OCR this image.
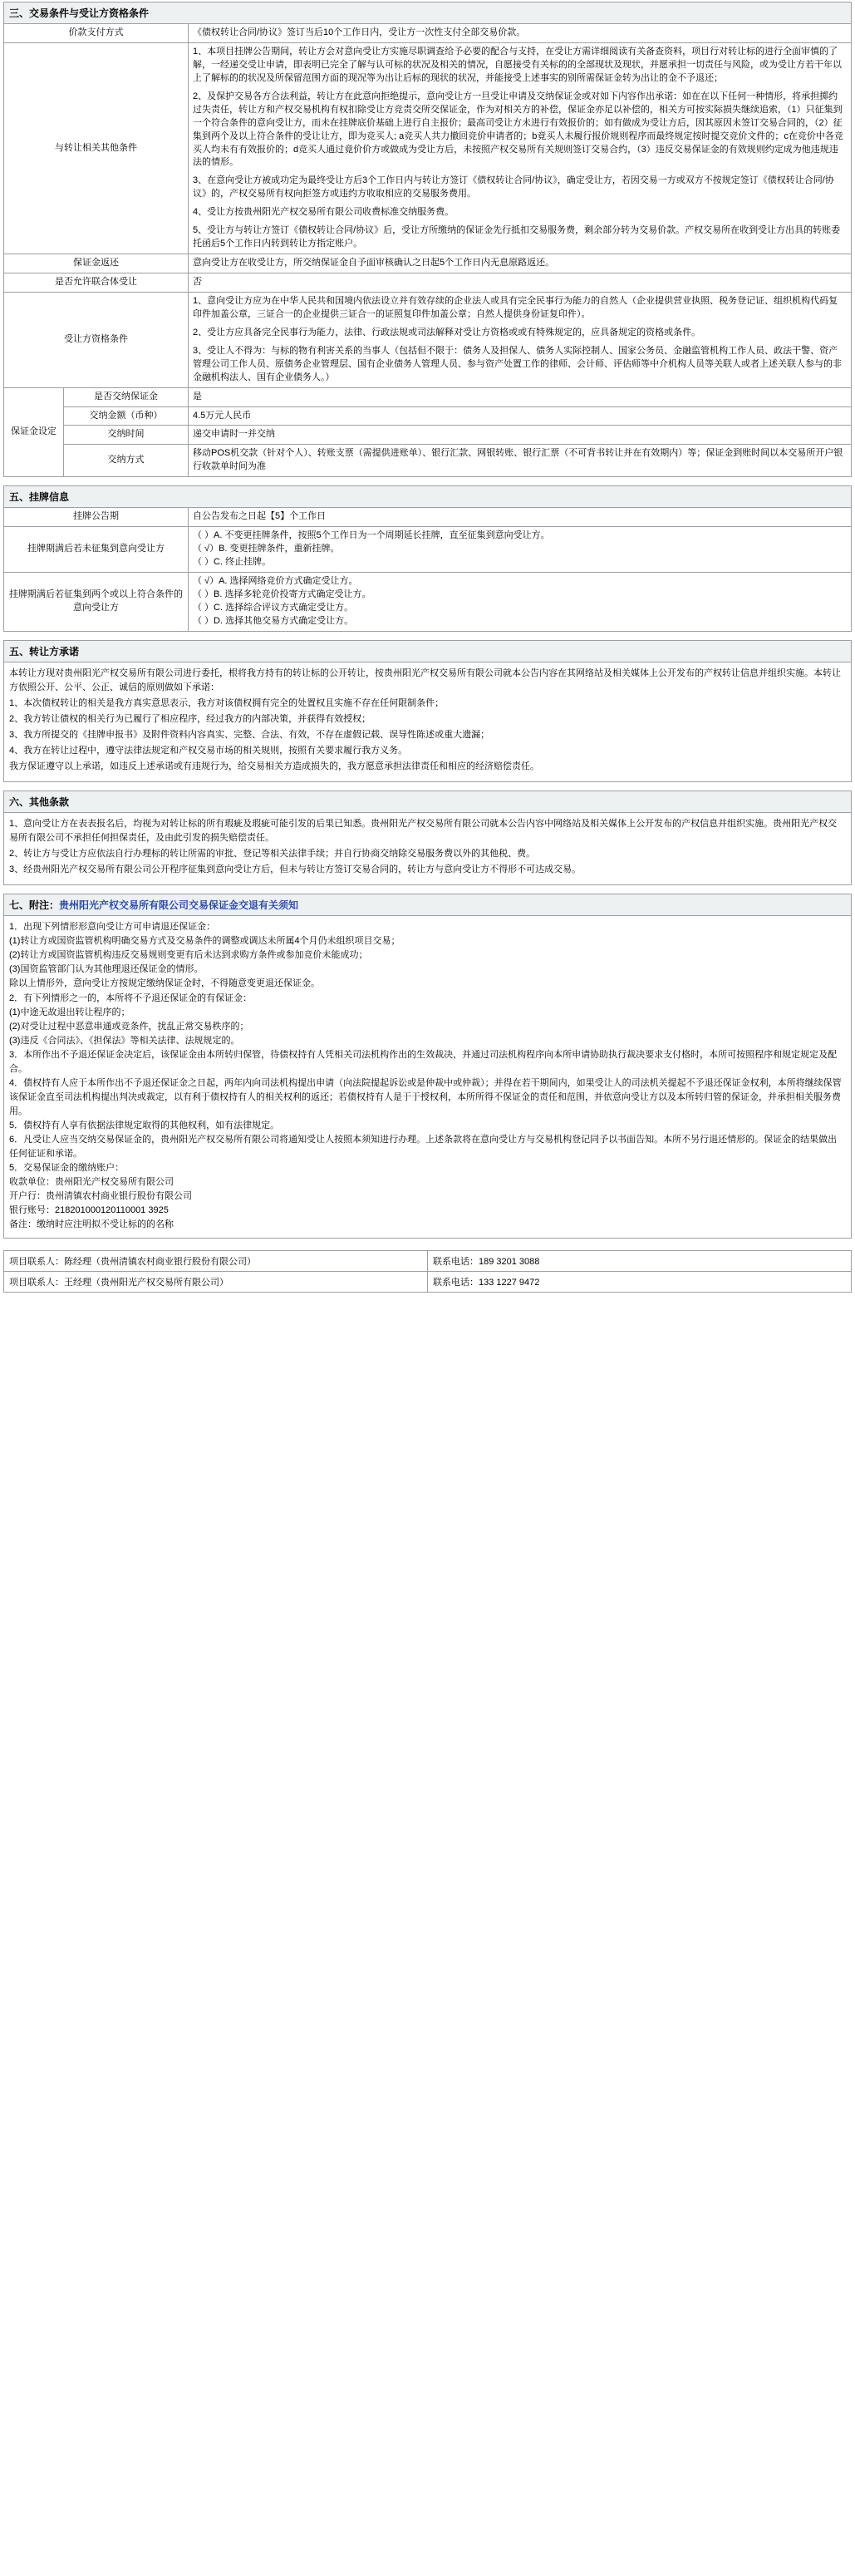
三、交易条件与受让方资格条件
价款支付方式		《债权转让合同/协议》签订当后10个工作日内，受让方一次性支付全部交易价款。
与转让相关其他条件		1、本项目挂牌公告期间，转让方会对意向受让方实施尽职调查给予必要的配合与支持，在受让方需详细阅读有关备查资料，项目行对转让标的进行全面审慎的了解，一经递交受让申请，即表明已完全了解与认可标的状况及相关的情况，自愿接受有关标的的全部现状及现状，并愿承担一切责任与风险，或为受让方若干年以上了解标的的状况及所保留范围方面的现况等为出让后标的现状的状况，并能接受上述事实的别所需保证金转为出让的金不予退还；

2、及保护交易各方合法利益，转让方在此意向拒绝提示，意向受让方一旦受让申请及交纳保证金或对如下内容作出承诺：如在在以下任何一种情形，将承担掷约过失责任，转让方和产权交易机构有权扣除受让方竞责交所交保证金，作为对相关方的补偿，保证金亦足以补偿的，相关方可按实际损失继续追索，（1）只征集到一个符合条件的意向受让方，而未在挂牌底价基础上进行自主报价；最高司受让方未进行有效报价的；如有做成为受让方后，因其原因未签订交易合同的，（2）征集到两个及以上符合条件的受让让方，即为竞买人; a竞买人共力撤回竞价申请者的；b竟买人未履行报价规则程序而最终规定按时提交竞价文件的；c在竞价中各竞买人均未有有效报价的；d竞买人通过竟价价方或做成为受让方后，未按照产权交易所有关规则签订交易合约，（3）违反交易保证金的有效规则约定成为他违规违法的情形。

3、在意向受让方被成功定为最终受让方后3个工作日内与转让方签订《债权转让合同/协议》，确定受让方，若因交易一方或双方不按规定签订《债权转让合同/协议》的，产权交易所有权向拒签方或违约方收取相应的交易服务费用。

4、受让方按贵州阳光产权交易所有限公司收费标准交纳服务费。

5、受让方与转让方签订《债权转让合同/协议》后，受让方所缴纳的保证金先行抵扣交易服务费，剩余部分转为交易价款。产权交易所在收到受让方出具的转账委托函后5个工作日内转到转让方指定账户。

保证金返还		意向受让方在收受让方，所交纳保证金自予面审核确认之日起5个工作日内无息原路返还。
是否允许联合体受让		否
受让方资格条件		1、意向受让方应为在中华人民共和国境内依法设立并有效存续的企业法人或具有完全民事行为能力的自然人（企业提供营业执照、税务登记证、组织机构代码复印件加盖公章，三证合一的企业提供三证合一的证照复印件加盖公章；自然人提供身份证复印件）。

2、受让方应具备完全民事行为能力，法律、行政法规或司法解释对受让方资格或或有特殊规定的，应具备规定的资格或条件。

3、受让人不得为：与标的物有利害关系的当事人（包括但不限于：债务人及担保人、债务人实际控制人、国家公务员、金融监管机构工作人员、政法干警、资产管理公司工作人员、原债务企业管理层、国有企业债务人管理人员、参与资产处置工作的律师、会计师、评估师等中介机构人员等关联人或者上述关联人参与的非金融机构法人、国有企业债务人。）

保证金设定	是否交纳保证金	是
	交纳金额（币种）	4.5万元人民币
	交纳时间	递交申请时一并交纳
	交纳方式	移动POS机交款（针对个人）、转账支票（需提供进账单）、银行汇款、网银转账、银行汇票（不可背书转让并在有效期内）等；保证金到账时间以本交易所开户银行收款单时间为准
五、挂牌信息
挂牌公告期	自公告发布之日起【5】个工作日
挂牌期满后若未征集到意向受让方	（ ）A. 不变更挂牌条件，按照5个工作日为一个周期延长挂牌，直至征集到意向受让方。
（ √）B. 变更挂牌条件，重新挂牌。
（ ）C. 终止挂牌。

挂牌期满后若征集到两个或以上符合条件的意向受让方	（ √）A. 选择网络竞价方式确定受让方。
（ ）B. 选择多轮竞价投寄方式确定受让方。
（ ）C. 选择综合评议方式确定受让方。
（ ）D. 选择其他交易方式确定受让方。
五、转让方承诺

本转让方现对贵州阳光产权交易所有限公司进行委托，根将我方持有的转让标的公开转让，按贵州阳光产权交易所有限公司就本公告内容在其网络站及相关媒体上公开发布的产权转让信息并组织实施。本转让方依照公开、公平、公正、诚信的原则做如下承诺：

1、本次债权转让的相关是我方真实意思表示，我方对该债权拥有完全的处置权且实施不存在任何限制条件；

2、我方转让债权的相关行为已履行了相应程序，经过我方的内部决策，并获得有效授权；

3、我方所提交的《挂牌申报书》及附件资料内容真实、完整、合法、有效，不存在虚假记载、误导性陈述或重大遗漏；

4、我方在转让过程中，遵守法律法规定和产权交易市场的相关规则，按照有关要求履行我方义务。

我方保证遵守以上承诺，如违反上述承诺或有违规行为，给交易相关方造成损失的，我方愿意承担法律责任和相应的经济赔偿责任。

六、其他条款

1、意向受让方在表表报名后，均视为对转让标的所有瑕疵及瑕疵可能引发的后果已知悉。贵州阳光产权交易所有限公司就本公告内容中网络站及相关媒体上公开发布的产权信息并组织实施。贵州阳光产权交易所有限公司不承担任何担保责任，及由此引发的损失赔偿责任。

2、转让方与受让方应依法自行办理标的转让所需的审批、登记等相关法律手续；并自行协商交纳除交易服务费以外的其他税、费。

3、经贵州阳光产权交易所有限公司公开程序征集到意向受让方后，但未与转让方签订交易合同的，转让方与意向受让方不得形不可达成交易。

七、附注：贵州阳光产权交易所有限公司交易保证金交退有关须知

1．出现下列情形形意向受让方可申请退还保证金：

(1)转让方或国资监管机构明确交易方式及交易条件的调整或调达未所属4个月仍未组织项目交易；

(2)转让方或国资监管机构违反交易规则变更有后未达到求购方条件或参加竞价未能成功；

(3)国资监管部门认为其他理退还保证金的情形。

除以上情形外，意向受让方按规定缴纳保证金时，不得随意变更退还保证金。

2．有下列情形之一的，本所将不予退还保证金的有保证金：

(1)中途无故退出转让程序的；

(2)对受让过程中恶意串通或竞条件，扰乱正常交易秩序的；

(3)违反《合同法》、《担保法》等相关法律、法规规定的。

3．本所作出不予退还保证金决定后，该保证金由本所转归保管，待债权持有人凭相关司法机构作出的生效裁决，并通过司法机构程序向本所申请协助执行裁决要求支付格时，本所可按照程序和规定规定及配合。

4．债权持有人应于本所作出不予退还保证金之日起，两年内向司法机构提出申请（向法院提起诉讼或是仲裁中或仲裁）；并得在若干期间内，如果受让人的司法机关提起不予退还保证金权利，本所将继续保管该保证金直至司法机构提出判决或裁定，以有利于债权持有人的相关权利的返还；若债权持有人是于于授权利，本所所得不保证金的责任和范围，并依意向受让方以及本所转归管的保证金，并承担相关服务费用。

5．债权持有人享有依据法律规定取得的其他权利，如有法律规定。

6．凡受让人应当交纳交易保证金的，贵州阳光产权交易所有限公司将通知受让人按照本须知进行办理。上述条款将在意向受让方与交易机构登记同予以书面告知。本所不另行退还情形的。保证金的结果做出任何征证和承诺。

5．交易保证金的缴纳账户：

收款单位：贵州阳光产权交易所有限公司

开户行：贵州清镇农村商业银行股份有限公司

银行账号：218201000120110001 3925

备注：缴纳时应注明拟不受让标的的名称

项目联系人：陈经理（贵州清镇农村商业银行股份有限公司）	联系电话：189 3201 3088
项目联系人：王经理（贵州阳光产权交易所有限公司）	联系电话：133 1227 9472
